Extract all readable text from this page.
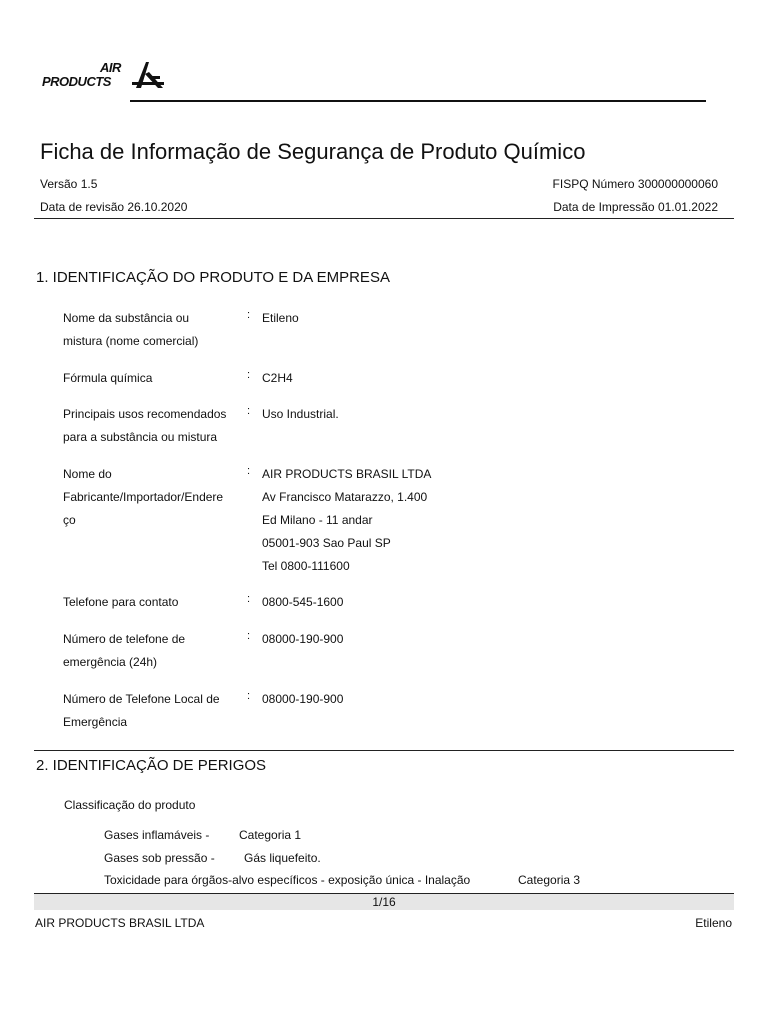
AIR
PRODUCTS
Ficha de Informação de Segurança de Produto Químico
Versão 1.5	FISPQ Número 300000000060
Data de revisão 26.10.2020	Data de Impressão 01.01.2022
1. IDENTIFICAÇÃO DO PRODUTO E DA EMPRESA
Nome da substância ou
mistura (nome comercial)
: Etileno
Fórmula química	: C2H4
Principais usos recomendados
para a substância ou mistura
: Uso Industrial.
Nome do
Fabricante/Importador/Endere
ço
: AIR PRODUCTS BRASIL LTDA
Av Francisco Matarazzo, 1.400
Ed Milano - 11 andar
05001-903 Sao Paul SP
Tel 0800-111600
Telefone para contato	: 0800-545-1600
Número de telefone de
emergência (24h)
: 08000-190-900
Número de Telefone Local de
Emergência
: 08000-190-900
2. IDENTIFICAÇÃO DE PERIGOS
Classificação do produto
Gases inflamáveis - Categoria 1
Gases sob pressão - Gás liquefeito.
Toxicidade para órgãos-alvo específicos - exposição única - Inalação	Categoria 3
1/16
AIR PRODUCTS BRASIL LTDA	Etileno
